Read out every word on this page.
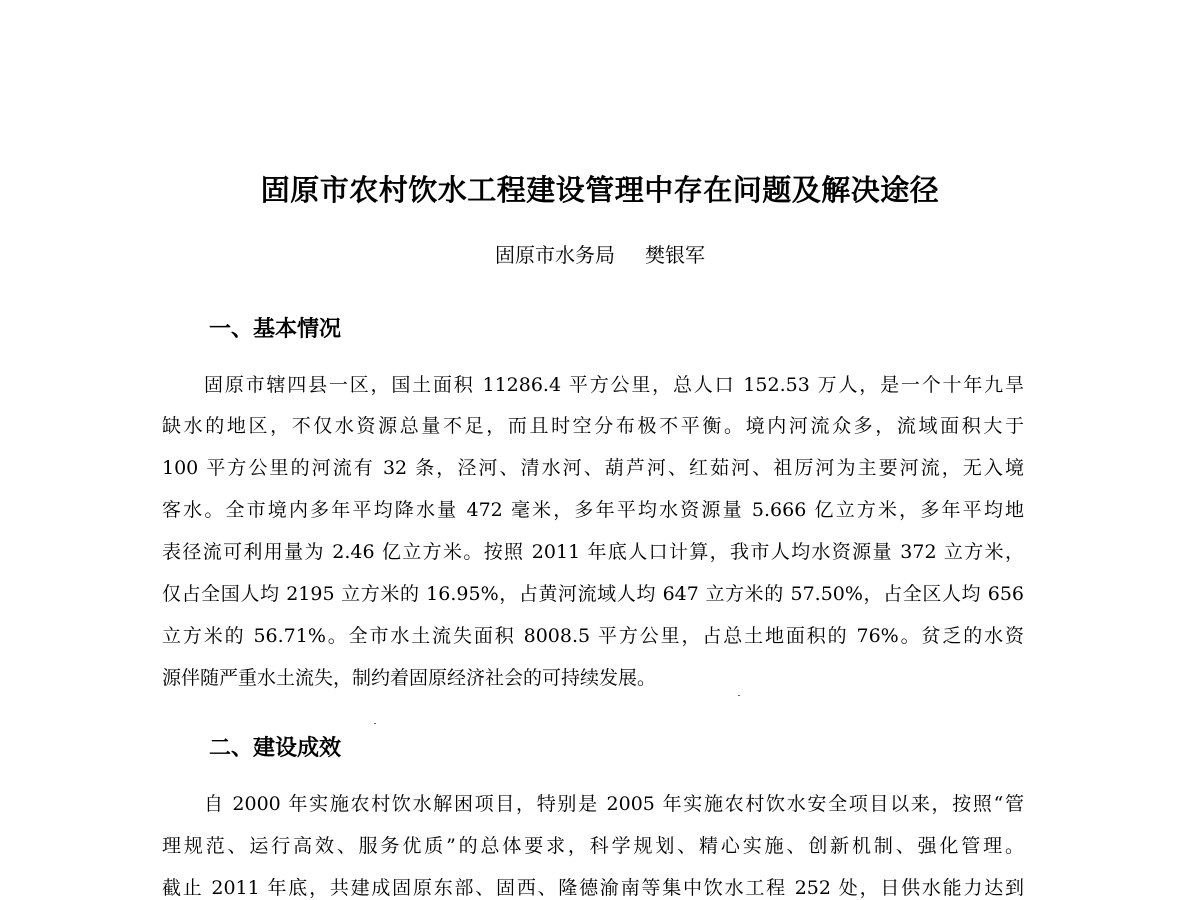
固原市农村饮水工程建设管理中存在问题及解决途径
固原市水务局 樊银军
一、基本情况
固原市辖四县一区，国土面积 11286.4 平方公里，总人口 152.53 万人，是一个十年九旱
缺水的地区，不仅水资源总量不足，而且时空分布极不平衡。境内河流众多，流域面积大于
100 平方公里的河流有 32 条，泾河、清水河、葫芦河、红茹河、祖厉河为主要河流，无入境
客水。全市境内多年平均降水量 472 毫米，多年平均水资源量 5.666 亿立方米，多年平均地
表径流可利用量为 2.46 亿立方米。按照 2011 年底人口计算，我市人均水资源量 372 立方米，
仅占全国人均 2195 立方米的 16.95%，占黄河流域人均 647 立方米的 57.50%，占全区人均 656
立方米的 56.71%。全市水土流失面积 8008.5 平方公里，占总土地面积的 76%。贫乏的水资
源伴随严重水土流失，制约着固原经济社会的可持续发展。
二、建设成效
自 2000 年实施农村饮水解困项目，特别是 2005 年实施农村饮水安全项目以来，按照“管
理规范、运行高效、服务优质”的总体要求，科学规划、精心实施、创新机制、强化管理。
截止 2011 年底，共建成固原东部、固西、隆德渝南等集中饮水工程 252 处，日供水能力达到
